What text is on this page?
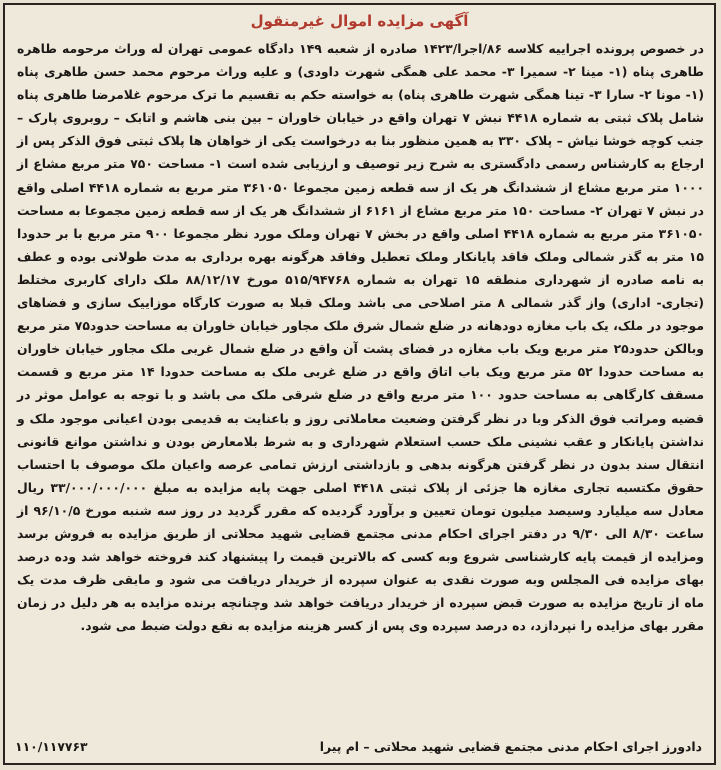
آگهی مزایده اموال غیرمنقول

در خصوص پرونده اجراییه کلاسه ۸۶/اجرا/۱۴۲۳ صادره از شعبه ۱۴۹ دادگاه عمومی تهران له وراث مرحومه طاهره طاهری پناه (۱- مینا ۲- سمیرا ۳- محمد علی همگی شهرت داودی) و علیه وراث مرحوم محمد حسن طاهری پناه (۱- مونا ۲- سارا ۳- تینا همگی شهرت طاهری پناه) به خواسته حکم به تقسیم ما ترک مرحوم غلامرضا طاهری پناه شامل پلاک ثبتی به شماره ۴۴۱۸ نبش ۷ تهران واقع در خیابان خاوران – بین بنی هاشم و اتابک – روبروی پارک – جنب کوچه خوشا نیاش – پلاک ۳۳۰ به همین منظور بنا به درخواست یکی از خواهان ها پلاک ثبتی فوق الذکر پس از ارجاع به کارشناس رسمی دادگستری به شرح زیر توصیف و ارزیابی شده است ۱- مساحت ۷۵۰ متر مربع مشاع از ۱۰۰۰ متر مربع مشاع از ششدانگ هر یک از سه قطعه زمین مجموعا ۳۶۱۰۵۰ متر مربع به شماره ۴۴۱۸ اصلی واقع در نبش ۷ تهران ۲- مساحت ۱۵۰ متر مربع مشاع از ۶۱۶۱ از ششدانگ هر یک از سه قطعه زمین مجموعا به مساحت ۳۶۱۰۵۰ متر مربع به شماره ۴۴۱۸ اصلی واقع در بخش ۷ تهران وملک مورد نظر مجموعا ۹۰۰ متر مربع با بر حدودا ۱۵ متر به گذر شمالی وملک فاقد پایانکار وملک تعطیل وفاقد هرگونه بهره برداری به مدت طولانی بوده و عطف به نامه صادره از شهرداری منطقه ۱۵ تهران به شماره ۵۱۵/۹۴۷۶۸ مورخ ۸۸/۱۲/۱۷ ملک دارای کاربری مختلط (تجاری- اداری) واز گذر شمالی ۸ متر اصلاحی می باشد وملک قبلا به صورت کارگاه موزاییک سازی و فضاهای موجود در ملک، یک باب مغازه دودهانه در ضلع شمال شرق ملک مجاور خیابان خاوران به مساحت حدود۷۵ متر مربع وبالکن حدود۲۵ متر مربع ویک باب مغازه در فضای پشت آن واقع در ضلع شمال غربی ملک مجاور خیابان خاوران به مساحت حدودا ۵۲ متر مربع ویک باب اتاق واقع در ضلع غربی ملک به مساحت حدودا ۱۴ متر مربع و قسمت مسقف کارگاهی به مساحت حدود ۱۰۰ متر مربع واقع در ضلع شرقی ملک می باشد و با توجه به عوامل موثر در قضیه ومراتب فوق الذکر وبا در نظر گرفتن وضعیت معاملاتی روز و باعنایت به قدیمی بودن اعیانی موجود ملک و نداشتن پایانکار و عقب نشینی ملک حسب استعلام شهرداری و به شرط بلامعارض بودن و نداشتن موانع قانونی انتقال سند بدون در نظر گرفتن هرگونه بدهی و بازداشتی ارزش تمامی عرصه واعیان ملک موصوف با احتساب حقوق مکتسبه تجاری مغازه ها جزئی از پلاک ثبتی ۴۴۱۸ اصلی جهت پایه مزایده به مبلغ ۳۳/۰۰۰/۰۰۰/۰۰۰ ریال معادل سه میلیارد وسیصد میلیون تومان تعیین و برآورد گردیده که مقرر گردید در روز سه شنبه مورخ ۹۶/۱۰/۵ از ساعت ۸/۳۰ الی ۹/۳۰ در دفتر اجرای احکام مدنی مجتمع قضایی شهید محلاتی از طریق مزایده به فروش برسد ومزایده از قیمت پایه کارشناسی شروع وبه کسی که بالاترین قیمت را پیشنهاد کند فروخته خواهد شد وده درصد بهای مزایده فی المجلس وبه صورت نقدی به عنوان سپرده از خریدار دریافت می شود و مابقی ظرف مدت یک ماه از تاریخ مزایده به صورت قبض سپرده از خریدار دریافت خواهد شد وچنانچه برنده مزایده به هر دلیل در زمان مقرر بهای مزایده را نپردازد، ده درصد سپرده وی پس از کسر هزینه مزایده به نفع دولت ضبط می شود.

دادورز اجرای احکام مدنی مجتمع قضایی شهید محلاتی – ام پیرا
۱۱۰/۱۱۷۷۶۳
